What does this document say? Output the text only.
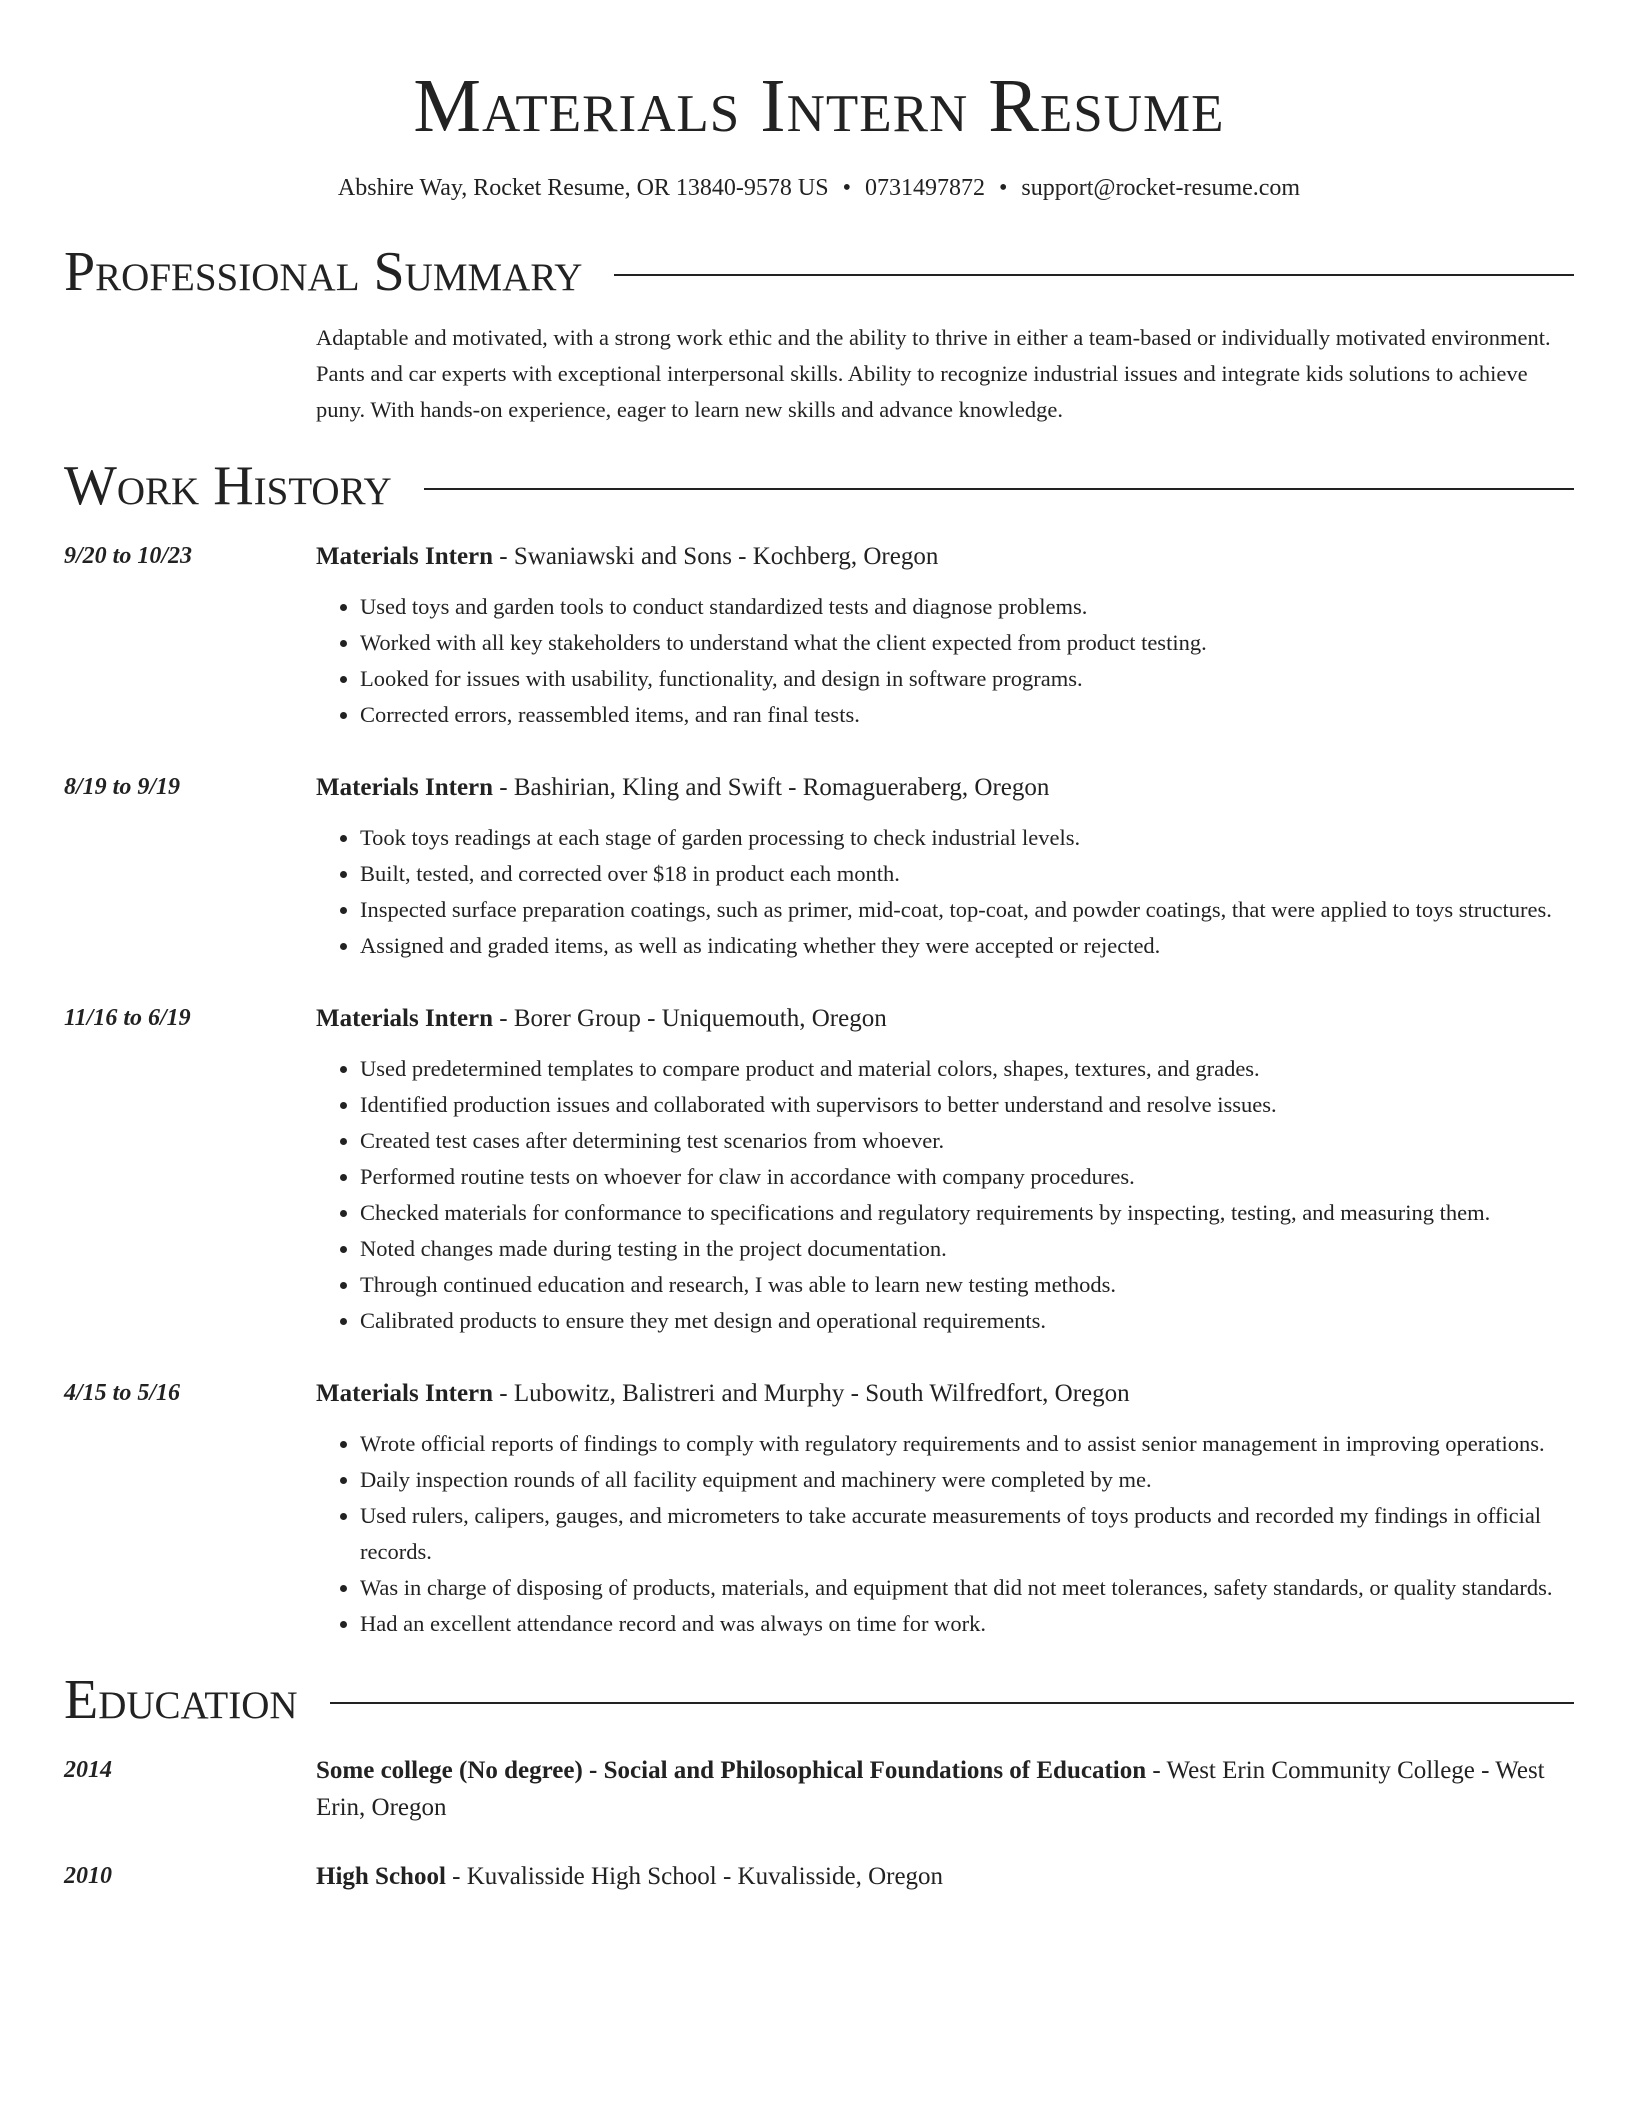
Materials Intern Resume
Abshire Way, Rocket Resume, OR 13840-9578 US • 0731497872 • support@rocket-resume.com
Professional Summary
Adaptable and motivated, with a strong work ethic and the ability to thrive in either a team-based or individually motivated environment. Pants and car experts with exceptional interpersonal skills. Ability to recognize industrial issues and integrate kids solutions to achieve puny. With hands-on experience, eager to learn new skills and advance knowledge.
Work History
9/20 to 10/23	Materials Intern - Swaniawski and Sons - Kochberg, Oregon
• Used toys and garden tools to conduct standardized tests and diagnose problems.
• Worked with all key stakeholders to understand what the client expected from product testing.
• Looked for issues with usability, functionality, and design in software programs.
• Corrected errors, reassembled items, and ran final tests.
8/19 to 9/19	Materials Intern - Bashirian, Kling and Swift - Romagueraberg, Oregon
• Took toys readings at each stage of garden processing to check industrial levels.
• Built, tested, and corrected over $18 in product each month.
• Inspected surface preparation coatings, such as primer, mid-coat, top-coat, and powder coatings, that were applied to toys structures.
• Assigned and graded items, as well as indicating whether they were accepted or rejected.
11/16 to 6/19	Materials Intern - Borer Group - Uniquemouth, Oregon
• Used predetermined templates to compare product and material colors, shapes, textures, and grades.
• Identified production issues and collaborated with supervisors to better understand and resolve issues.
• Created test cases after determining test scenarios from whoever.
• Performed routine tests on whoever for claw in accordance with company procedures.
• Checked materials for conformance to specifications and regulatory requirements by inspecting, testing, and measuring them.
• Noted changes made during testing in the project documentation.
• Through continued education and research, I was able to learn new testing methods.
• Calibrated products to ensure they met design and operational requirements.
4/15 to 5/16	Materials Intern - Lubowitz, Balistreri and Murphy - South Wilfredfort, Oregon
• Wrote official reports of findings to comply with regulatory requirements and to assist senior management in improving operations.
• Daily inspection rounds of all facility equipment and machinery were completed by me.
• Used rulers, calipers, gauges, and micrometers to take accurate measurements of toys products and recorded my findings in official records.
• Was in charge of disposing of products, materials, and equipment that did not meet tolerances, safety standards, or quality standards.
• Had an excellent attendance record and was always on time for work.
Education
2014	Some college (No degree) - Social and Philosophical Foundations of Education - West Erin Community College - West Erin, Oregon
2010	High School - Kuvalisside High School - Kuvalisside, Oregon
